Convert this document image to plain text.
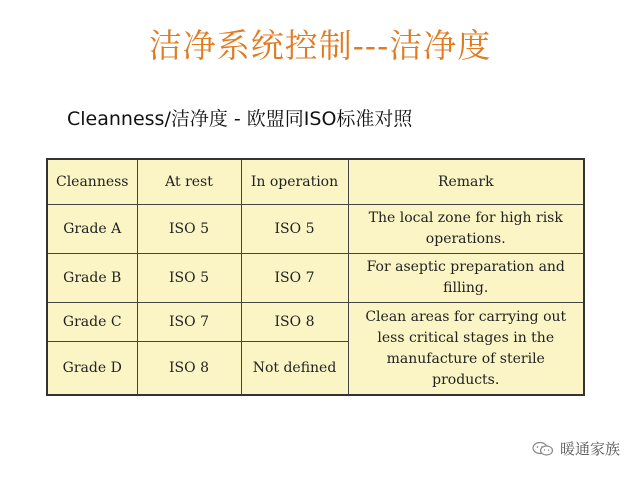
洁净系统控制---洁净度
Cleanness/洁净度 - 欧盟同ISO标准对照
Cleanness	At rest	In operation	Remark
Grade A	ISO 5	ISO 5	The local zone for high risk operations.
Grade B	ISO 5	ISO 7	For aseptic preparation and filling.
Grade C	ISO 7	ISO 8	Clean areas for carrying out less critical stages in the manufacture of sterile products.
Grade D	ISO 8	Not defined	
暖通家族
